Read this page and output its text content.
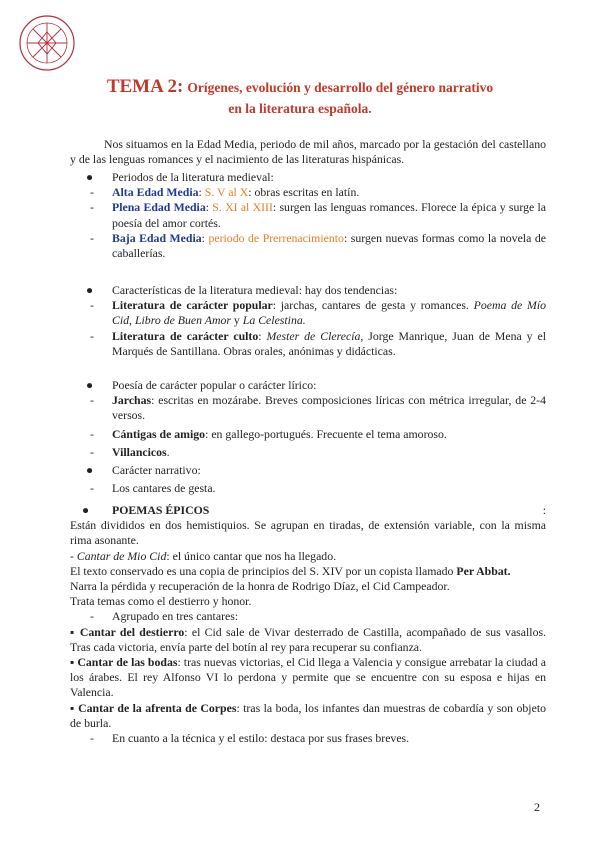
TEMA 2: Orígenes, evolución y desarrollo del género narrativo
en la literatura española.

Nos situamos en la Edad Media, periodo de mil años, marcado por la gestación del castellano y de las lenguas romances y el nacimiento de las literaturas hispánicas.

●	Periodos de la literatura medieval:
-	Alta Edad Media: S. V al X: obras escritas en latín.
-	Plena Edad Media: S. XI al XIII: surgen las lenguas romances. Florece la épica y surge la poesía del amor cortés.
-	Baja Edad Media: periodo de Prerrenacimiento: surgen nuevas formas como la novela de caballerías.
●	Características de la literatura medieval: hay dos tendencias:
-	Literatura de carácter popular: jarchas, cantares de gesta y romances. Poema de Mío Cid, Libro de Buen Amor y La Celestina.
-	Literatura de carácter culto: Mester de Clerecía, Jorge Manrique, Juan de Mena y el Marqués de Santillana. Obras orales, anónimas y didácticas.
●	Poesía de carácter popular o carácter lírico:
-	Jarchas: escritas en mozárabe. Breves composiciones líricas con métrica irregular, de 2-4 versos.
-	Cántigas de amigo: en gallego-portugués. Frecuente el tema amoroso.
-	Villancicos.
●	Carácter narrativo:
-	Los cantares de gesta.
●	POEMAS ÉPICOS	:

Están divididos en dos hemistiquios. Se agrupan en tiradas, de extensión variable, con la misma rima asonante.

- Cantar de Mio Cid: el único cantar que nos ha llegado.

El texto conservado es una copia de principios del S. XIV por un copista llamado Per Abbat.

Narra la pérdida y recuperación de la honra de Rodrigo Díaz, el Cid Campeador.

Trata temas como el destierro y honor.

-	Agrupado en tres cantares:

▪ Cantar del destierro: el Cid sale de Vivar desterrado de Castilla, acompañado de sus vasallos. Tras cada victoria, envía parte del botín al rey para recuperar su confianza.

▪ Cantar de las bodas: tras nuevas victorias, el Cid llega a Valencia y consigue arrebatar la ciudad a los árabes. El rey Alfonso VI lo perdona y permite que se encuentre con su esposa e hijas en Valencia.

▪ Cantar de la afrenta de Corpes: tras la boda, los infantes dan muestras de cobardía y son objeto de burla.

-	En cuanto a la técnica y el estilo: destaca por sus frases breves.
2
